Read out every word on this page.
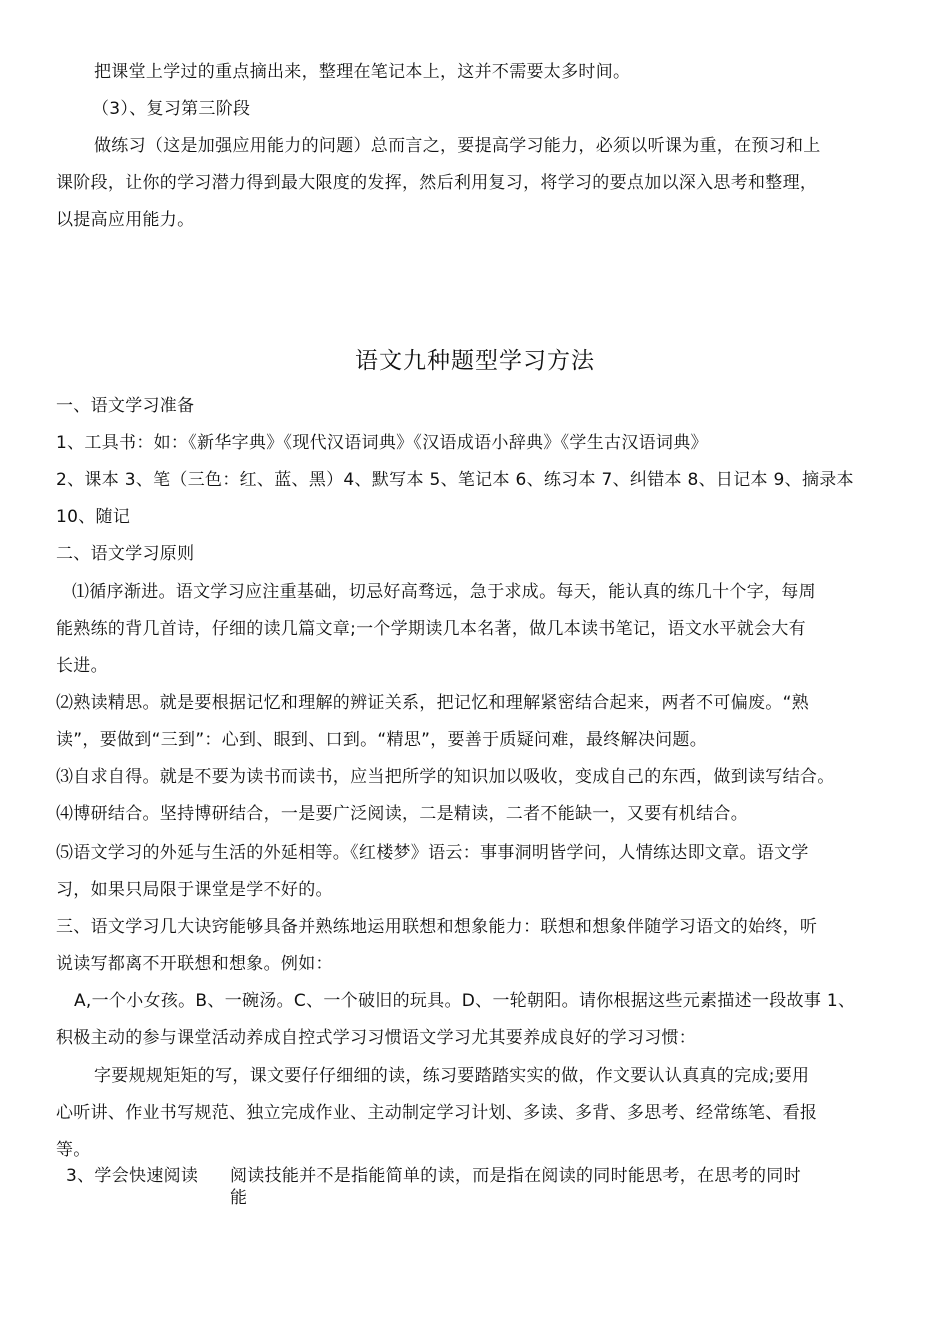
把课堂上学过的重点摘出来，整理在笔记本上，这并不需要太多时间。
（3）、复习第三阶段
做练习（这是加强应用能力的问题）总而言之，要提高学习能力，必须以听课为重，在预习和上
课阶段，让你的学习潜力得到最大限度的发挥，然后利用复习，将学习的要点加以深入思考和整理，
以提高应用能力。
语文九种题型学习方法
一、语文学习准备
1、工具书：如：《新华字典》《现代汉语词典》《汉语成语小辞典》《学生古汉语词典》
2、课本 3、笔（三色：红、蓝、黑）4、默写本 5、笔记本 6、练习本 7、纠错本 8、日记本 9、摘录本
10、随记
二、语文学习原则
⑴循序渐进。语文学习应注重基础，切忌好高骛远，急于求成。每天，能认真的练几十个字，每周
能熟练的背几首诗，仔细的读几篇文章;一个学期读几本名著，做几本读书笔记，语文水平就会大有
长进。
⑵熟读精思。就是要根据记忆和理解的辨证关系，把记忆和理解紧密结合起来，两者不可偏废。“熟
读”，要做到“三到”：心到、眼到、口到。“精思”，要善于质疑问难，最终解决问题。
⑶自求自得。就是不要为读书而读书，应当把所学的知识加以吸收，变成自己的东西，做到读写结合。
⑷博研结合。坚持博研结合，一是要广泛阅读，二是精读，二者不能缺一，又要有机结合。
⑸语文学习的外延与生活的外延相等。《红楼梦》语云：事事洞明皆学问，人情练达即文章。语文学
习，如果只局限于课堂是学不好的。
三、语文学习几大诀窍能够具备并熟练地运用联想和想象能力：联想和想象伴随学习语文的始终，听
说读写都离不开联想和想象。例如：
A,一个小女孩。B、一碗汤。C、一个破旧的玩具。D、一轮朝阳。请你根据这些元素描述一段故事 1、
积极主动的参与课堂活动养成自控式学习习惯语文学习尤其要养成良好的学习习惯：
字要规规矩矩的写，课文要仔仔细细的读，练习要踏踏实实的做，作文要认认真真的完成;要用
心听讲、作业书写规范、独立完成作业、主动制定学习计划、多读、多背、多思考、经常练笔、看报
等。
3、学会快速阅读 阅读技能并不是指能简单的读，而是指在阅读的同时能思考，在思考的同时
能
